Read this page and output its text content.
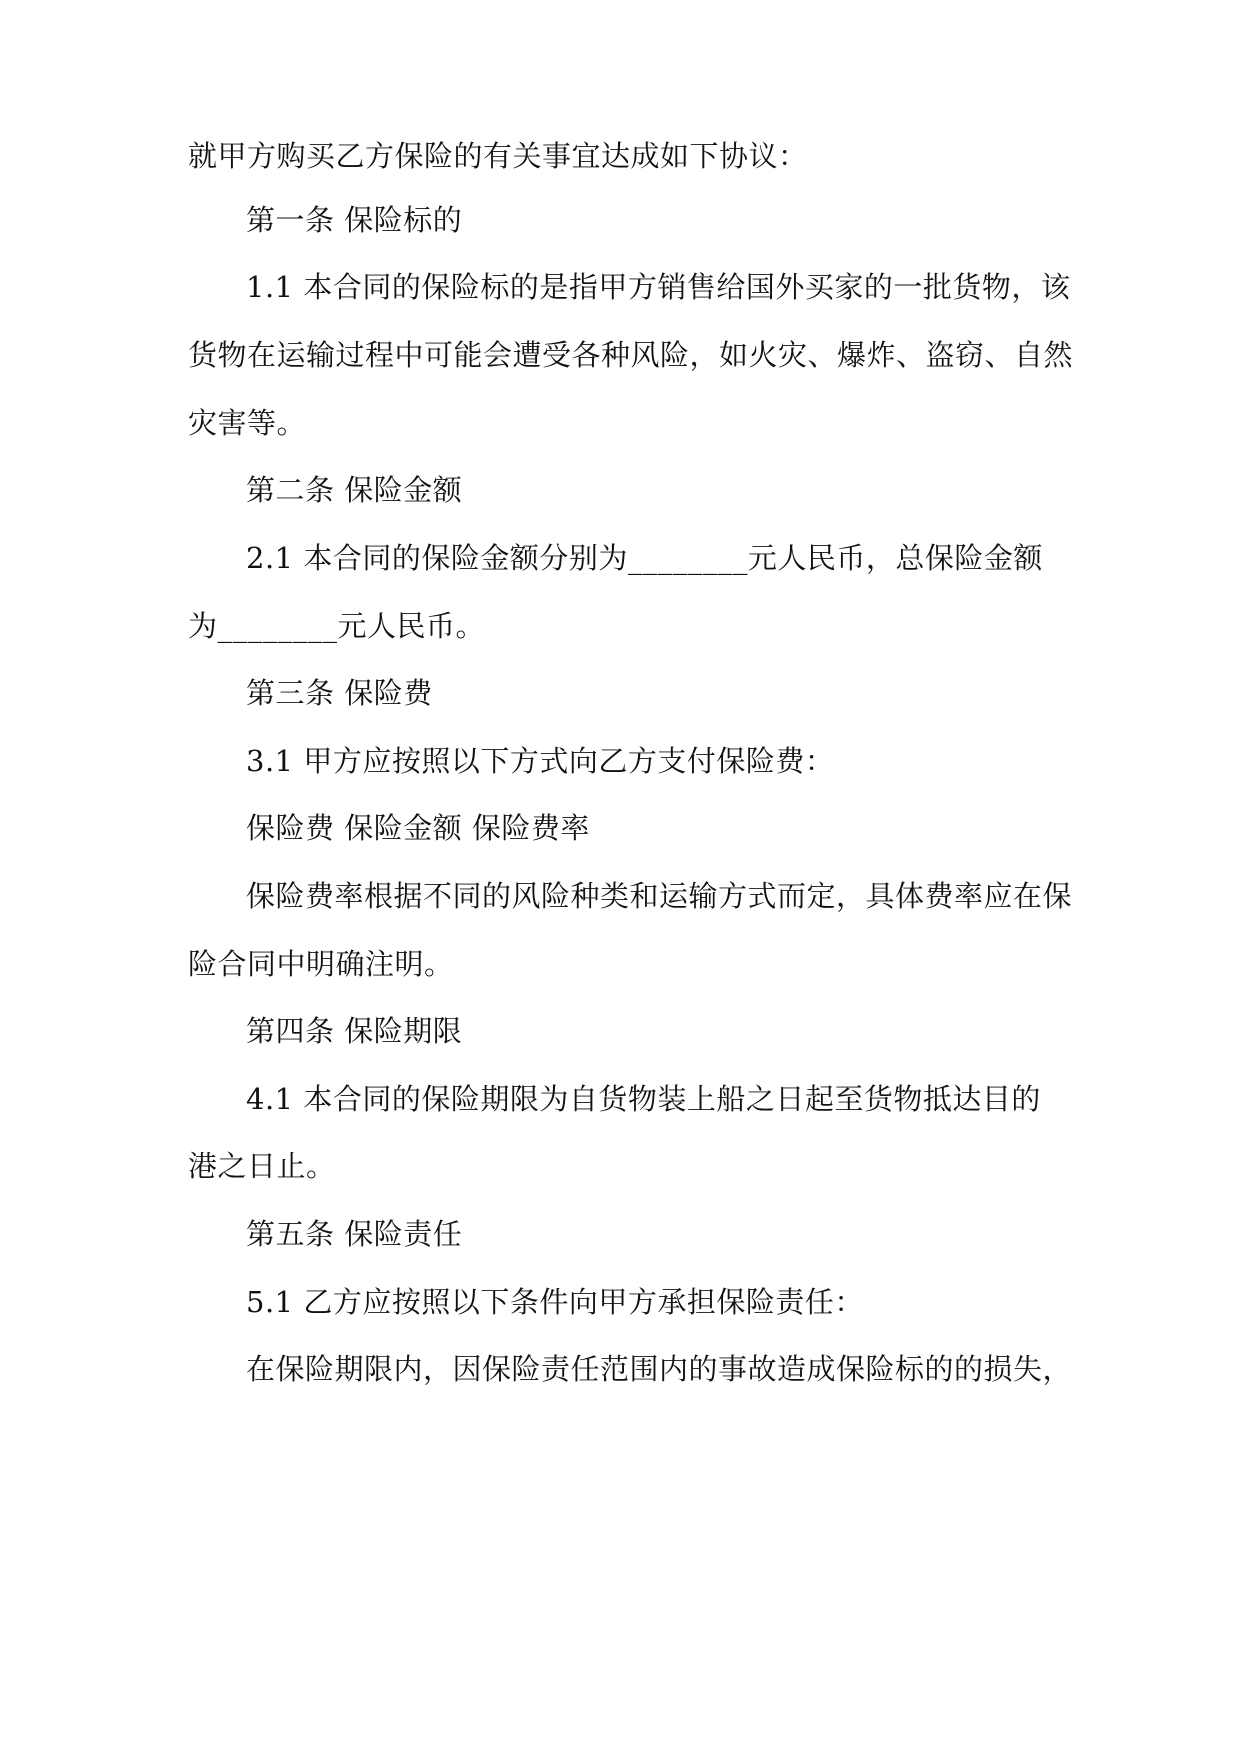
就甲方购买乙方保险的有关事宜达成如下协议：
第一条 保险标的
1.1 本合同的保险标的是指甲方销售给国外买家的一批货物，该
货物在运输过程中可能会遭受各种风险，如火灾、爆炸、盗窃、自然
灾害等。
第二条 保险金额
2.1 本合同的保险金额分别为________元人民币，总保险金额
为________元人民币。
第三条 保险费
3.1 甲方应按照以下方式向乙方支付保险费：
保险费 保险金额 保险费率
保险费率根据不同的风险种类和运输方式而定，具体费率应在保
险合同中明确注明。
第四条 保险期限
4.1 本合同的保险期限为自货物装上船之日起至货物抵达目的
港之日止。
第五条 保险责任
5.1 乙方应按照以下条件向甲方承担保险责任：
在保险期限内，因保险责任范围内的事故造成保险标的的损失，
